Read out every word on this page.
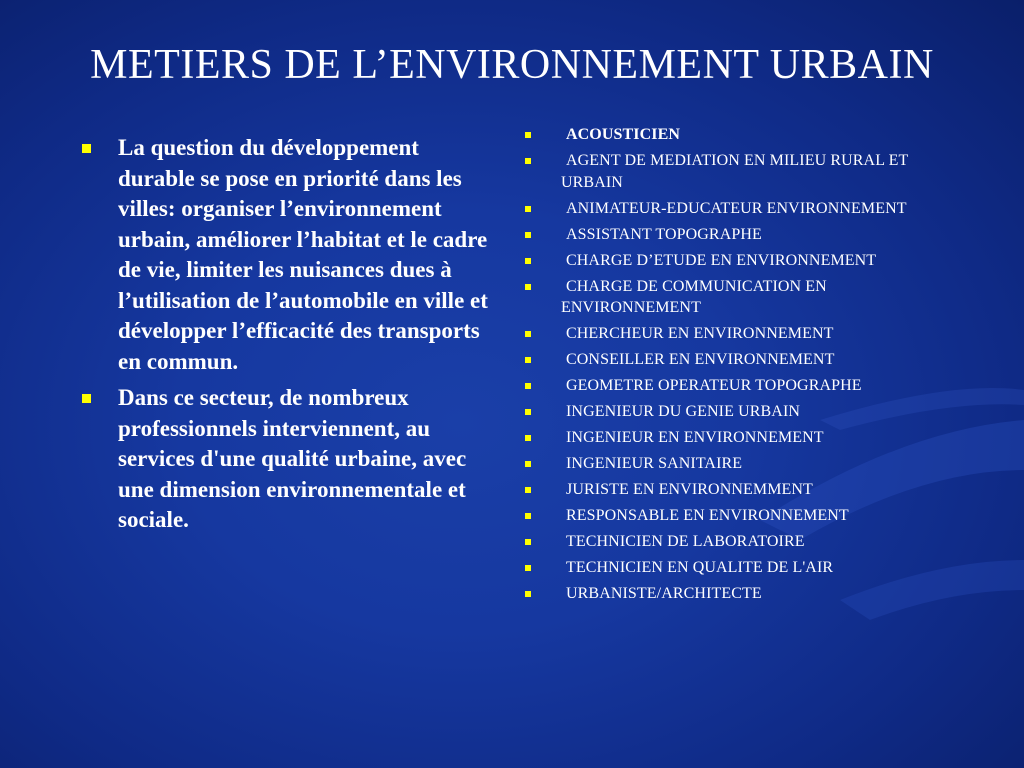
METIERS DE L’ENVIRONNEMENT URBAIN
La question du développement durable se pose en priorité dans les villes: organiser l’environnement urbain, améliorer l’habitat et le cadre de vie, limiter les nuisances dues à l’utilisation de l’automobile en ville et développer l’efficacité des transports en commun.
Dans ce secteur, de nombreux professionnels interviennent, au services d'une qualité urbaine, avec une dimension environnementale et sociale.
ACOUSTICIEN
AGENT DE MEDIATION EN MILIEU RURAL ET URBAIN
ANIMATEUR-EDUCATEUR ENVIRONNEMENT
ASSISTANT TOPOGRAPHE
CHARGE D’ETUDE EN ENVIRONNEMENT
CHARGE DE COMMUNICATION EN ENVIRONNEMENT
CHERCHEUR EN ENVIRONNEMENT
CONSEILLER EN ENVIRONNEMENT
GEOMETRE OPERATEUR TOPOGRAPHE
INGENIEUR DU GENIE URBAIN
INGENIEUR EN ENVIRONNEMENT
INGENIEUR SANITAIRE
JURISTE EN ENVIRONNEMMENT
RESPONSABLE EN ENVIRONNEMENT
TECHNICIEN DE LABORATOIRE
TECHNICIEN EN QUALITE DE L'AIR
URBANISTE/ARCHITECTE
